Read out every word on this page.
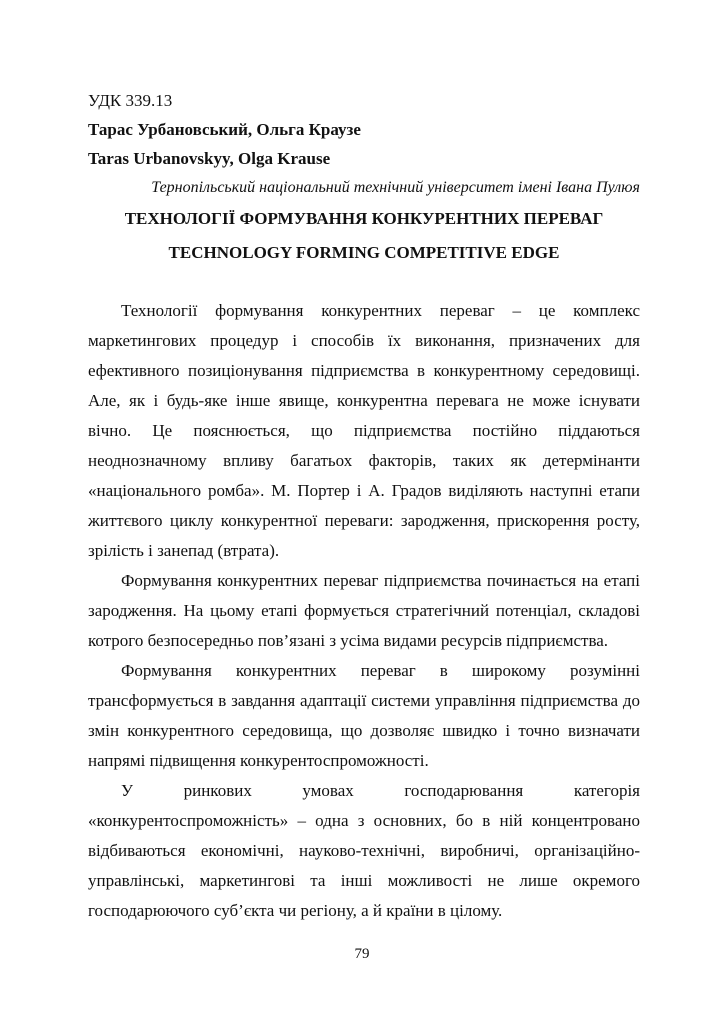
УДК 339.13
Тарас Урбановський, Ольга Краузе
Taras Urbanovskyy, Olga Krause
Тернопільський національний технічний університет імені Івана Пулюя
ТЕХНОЛОГІЇ ФОРМУВАННЯ КОНКУРЕНТНИХ ПЕРЕВАГ
TECHNOLOGY FORMING COMPETITIVE EDGE

Технології формування конкурентних переваг – це комплекс маркетингових процедур і способів їх виконання, призначених для ефективного позиціонування підприємства в конкурентному середовищі. Але, як і будь-яке інше явище, конкурентна перевага не може існувати вічно. Це пояснюється, що підприємства постійно піддаються неоднозначному впливу багатьох факторів, таких як детермінанти «національного ромба». М. Портер і А. Градов виділяють наступні етапи життєвого циклу конкурентної переваги: зародження, прискорення росту, зрілість і занепад (втрата).

Формування конкурентних переваг підприємства починається на етапі зародження. На цьому етапі формується стратегічний потенціал, складові котрого безпосередньо пов’язані з усіма видами ресурсів підприємства.

Формування конкурентних переваг в широкому розумінні трансформується в завдання адаптації системи управління підприємства до змін конкурентного середовища, що дозволяє швидко і точно визначати напрямі підвищення конкурентоспроможності.

У ринкових умовах господарювання категорія «конкурентоспроможність» – одна з основних, бо в ній концентровано відбиваються економічні, науково-технічні, виробничі, організаційно-управлінські, маркетингові та інші можливості не лише окремого господарюючого суб’єкта чи регіону, а й країни в цілому.

79
